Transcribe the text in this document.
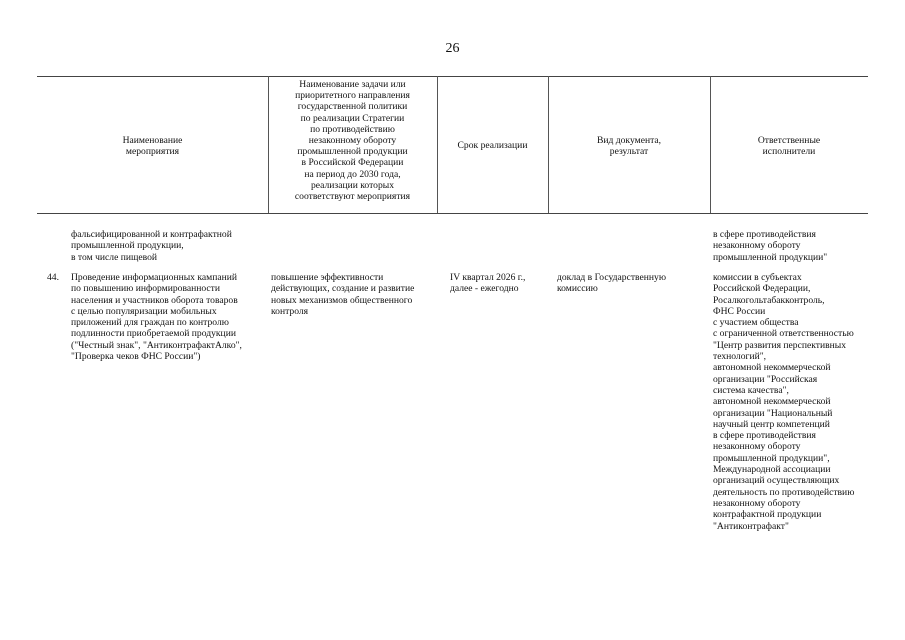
26
Наименование
мероприятия
Наименование задачи или
приоритетного направления
государственной политики
по реализации Стратегии
по противодействию
незаконному обороту
промышленной продукции
в Российской Федерации
на период до 2030 года,
реализации которых
соответствуют мероприятия
Срок реализации	Вид документа,
результат
Ответственные
исполнители
фальсифицированной и контрафактной
промышленной продукции,
в том числе пищевой
в сфере противодействия
незаконному обороту
промышленной продукции"
44. Проведение информационных кампаний
по повышению информированности
населения и участников оборота товаров
с целью популяризации мобильных
приложений для граждан по контролю
подлинности приобретаемой продукции
("Честный знак", "АнтиконтрафактАлко",
"Проверка чеков ФНС России")
повышение эффективности
действующих, создание и развитие
новых механизмов общественного
контроля
IV квартал 2026 г.,
далее - ежегодно
доклад в Государственную
комиссию
комиссии в субъектах
Российской Федерации,
Росалкогольтабакконтроль,
ФНС России
с участием общества
с ограниченной ответственностью
"Центр развития перспективных
технологий",
автономной некоммерческой
организации "Российская
система качества",
автономной некоммерческой
организации "Национальный
научный центр компетенций
в сфере противодействия
незаконному обороту
промышленной продукции",
Международной ассоциации
организаций осуществляющих
деятельность по противодействию
незаконному обороту
контрафактной продукции
"Антиконтрафакт"
